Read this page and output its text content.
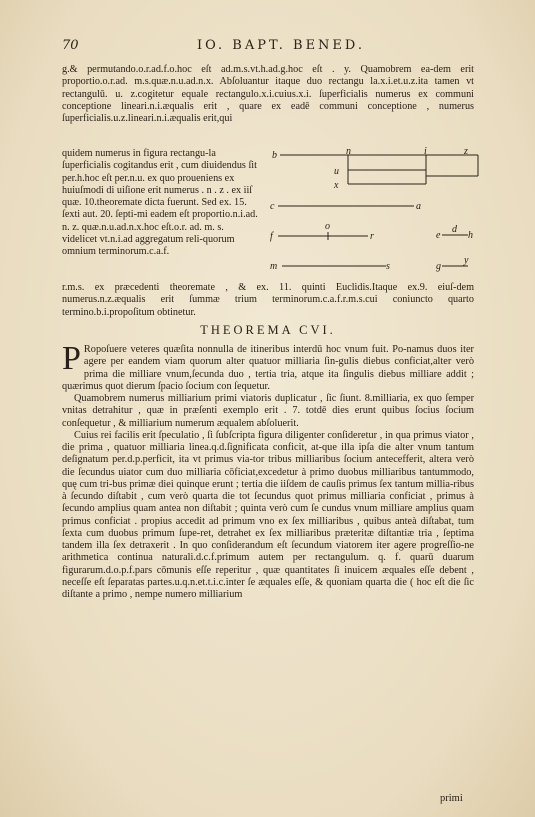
70	IO. BAPT. BENED.
g.& permutando.o.r.ad.f.o.hoc eſt ad.m.s.vt.h.ad.g.hoc eſt . y. Quamobrem ea-dem erit proportio.o.r.ad. m.s.quæ.n.u.ad.n.x. Abſoluantur itaque duo rectangu la.x.i.et.u.z.ita tamen vt rectangulū. u. z.cogitetur equale rectangulo.x.i.cuius.x.i. ſuperficialis numerus ex communi conceptione lineari.n.i.æqualis erit , quare ex eadē communi conceptione , numerus ſuperficialis.u.z.lineari.n.i.æqualis erit,qui
quidem numerus in figura rectangu-la ſuperficialis cogitandus erit , cum diuidendus ſit per.h.hoc eſt per.n.u. ex quo proueniens ex huiuſmodi di uiſione erit numerus . n . z . ex iiſ quæ. 10.theoremate dicta fuerunt. Sed ex. 15. ſexti aut. 20. ſepti-mi eadem eſt proportio.n.i.ad. n. z. quæ.n.u.ad.n.x.hoc eſt.o.r. ad. m. s. videlicet vt.n.i.ad aggregatum reli-quorum omnium terminorum.c.a.f.
b	n	i	z
u
x
c	a
f
o
r
m	s
e
d
h
g
y
r.m.s. ex præcedenti theoremate , & ex. 11. quinti Euclidis.Itaque ex.9. eiuſ-dem numerus.n.z.æqualis erit ſummæ trium terminorum.c.a.f.r.m.s.cui coniuncto quarto termino.b.i.propoſitum obtinetur.
THEOREMA CVI.
P Ropoſuere veteres quæſita nonnulla de itineribus interdū hoc vnum fuit. Po-namus duos iter agere per eandem viam quorum alter quatuor milliaria ſin-gulis diebus conficiat,alter verò prima die milliare vnum,ſecunda duo , tertia tria, atque ita ſingulis diebus milliare addit ; quærimus quot dierum ſpacio ſocium con ſequetur.
Quamobrem numerus milliarium primi viatoris duplicatur , ſic ſiunt. 8.milliaria, ex quo ſemper vnitas detrahitur , quæ in præſenti exemplo erit . 7. totdē dies erunt quibus ſocius ſocium conſequetur , & milliarium numerum æqualem abſoluerit.
Cuius rei facilis erit ſpeculatio , ſi ſubſcripta figura diligenter conſideretur , in qua primus viator , die prima , quatuor milliaria linea.q.d.ſignificata conficit, at-que illa ipſa die alter vnum tantum deſignatum per.d.p.perficit, ita vt primus via-tor tribus milliaribus ſocium antecefferit, altera verò die ſecundus uiator cum duo milliaria cōficiat,excedetur à primo duobus milliaribus tantummodo, quę cum tri-bus primæ diei quinque erunt ; tertia die iiſdem de cauſis primus ſex tantum millia-ribus à ſecundo diſtabit , cum verò quarta die tot ſecundus quot primus milliaria conficiat , primus à ſecundo amplius quam antea non diſtabit ; quinta verò cum ſe cundus vnum milliare amplius quam primus conficiat . propius accedit ad primum vno ex ſex milliaribus , quibus anteà diſtabat, tum ſexta cum duobus primum ſupe-ret, detrahet ex ſex milliaribus præteritæ diſtantiæ tria , ſeptima tandem illa ſex detraxerit . In quo conſiderandum eſt ſecundum viatorem iter agere progreſſio-ne arithmetica continua naturali.d.c.f.primum autem per rectangulum. q. f. quarū duarum figurarum.d.o.p.f.pars cōmunis eſſe reperitur , quæ quantitates ſi inuicem æquales eſſe debent , neceſſe eſt ſeparatas partes.u.q.n.et.t.i.c.inter ſe æquales eſſe, & quoniam quarta die ( hoc eſt die ſic diſtante a primo , nempe numero milliarium
primi
